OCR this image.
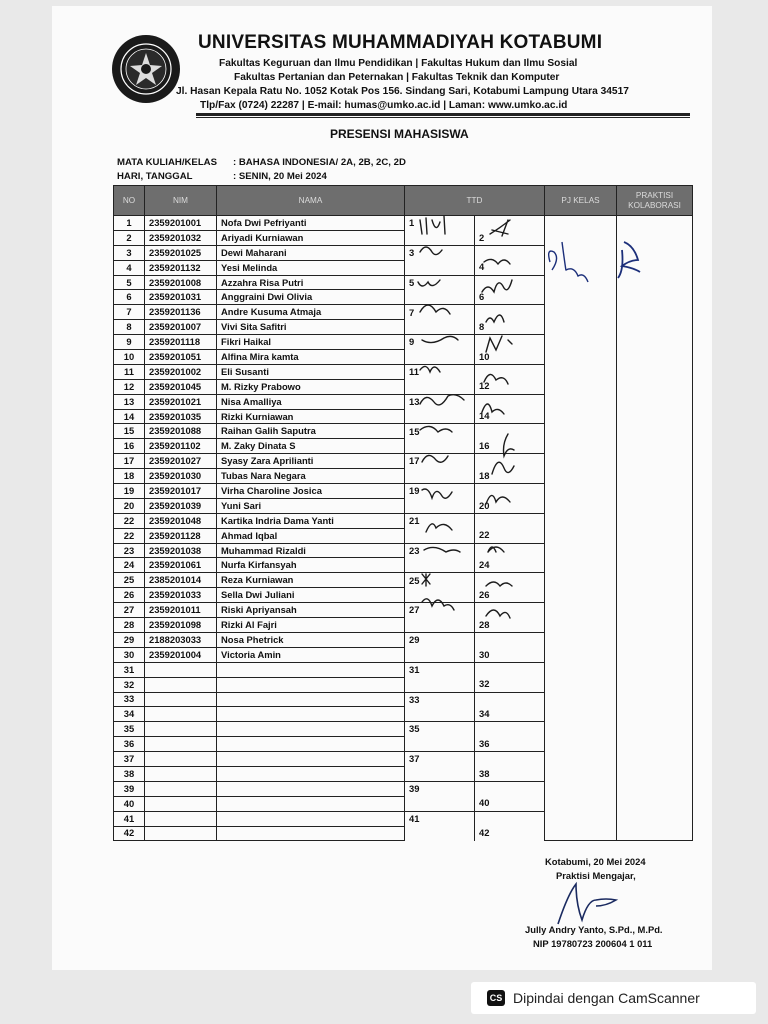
UNIVERSITAS MUHAMMADIYAH KOTABUMI
Fakultas Keguruan dan Ilmu Pendidikan | Fakultas Hukum dan Ilmu Sosial
Fakultas Pertanian dan Peternakan | Fakultas Teknik dan Komputer
Jl. Hasan Kepala Ratu No. 1052 Kotak Pos 156. Sindang Sari, Kotabumi Lampung Utara 34517
Tlp/Fax (0724) 22287 | E-mail: humas@umko.ac.id | Laman: www.umko.ac.id
PRESENSI MAHASISWA
MATA KULIAH/KELAS : BAHASA INDONESIA/ 2A, 2B, 2C, 2D
HARI, TANGGAL	: SENIN, 20 Mei 2024
NO	NIM	NAMA	TTD		PJ KELAS	PRAKTISI KOLABORASI
1	2359201001	Nofa Dwi Pefriyanti	1			
2	2359201032	Ariyadi Kurniawan		2		
3	2359201025	Dewi Maharani	3			
4	2359201132	Yesi Melinda		4		
5	2359201008	Azzahra Risa Putri	5			
6	2359201031	Anggraini Dwi Olivia		6		
7	2359201136	Andre Kusuma Atmaja	7			
8	2359201007	Vivi Sita Safitri		8		
9	2359201118	Fikri Haikal	9			
10	2359201051	Alfina Mira kamta		10		
11	2359201002	Eli Susanti	11			
12	2359201045	M. Rizky Prabowo		12		
13	2359201021	Nisa Amalliya	13			
14	2359201035	Rizki Kurniawan		14		
15	2359201088	Raihan Galih Saputra	15			
16	2359201102	M. Zaky Dinata S		16		
17	2359201027	Syasy Zara Aprilianti	17			
18	2359201030	Tubas Nara Negara		18		
19	2359201017	Virha Charoline Josica	19			
20	2359201039	Yuni Sari		20		
22	2359201048	Kartika Indria Dama Yanti	21			
22	2359201128	Ahmad Iqbal		22		
23	2359201038	Muhammad Rizaldi	23			
24	2359201061	Nurfa Kirfansyah		24		
25	2385201014	Reza Kurniawan	25			
26	2359201033	Sella Dwi Juliani		26		
27	2359201011	Riski Apriyansah	27			
28	2359201098	Rizki Al Fajri		28		
29	2188203033	Nosa Phetrick	29			
30	2359201004	Victoria Amin		30		
31			31			
32				32		
33			33			
34				34		
35			35			
36				36		
37			37			
38				38		
39			39			
40				40		
41			41			
42				42		
Kotabumi, 20 Mei 2024
Praktisi Mengajar,
Jully Andry Yanto, S.Pd., M.Pd.
NIP 19780723 200604 1 011
CS Dipindai dengan CamScanner
